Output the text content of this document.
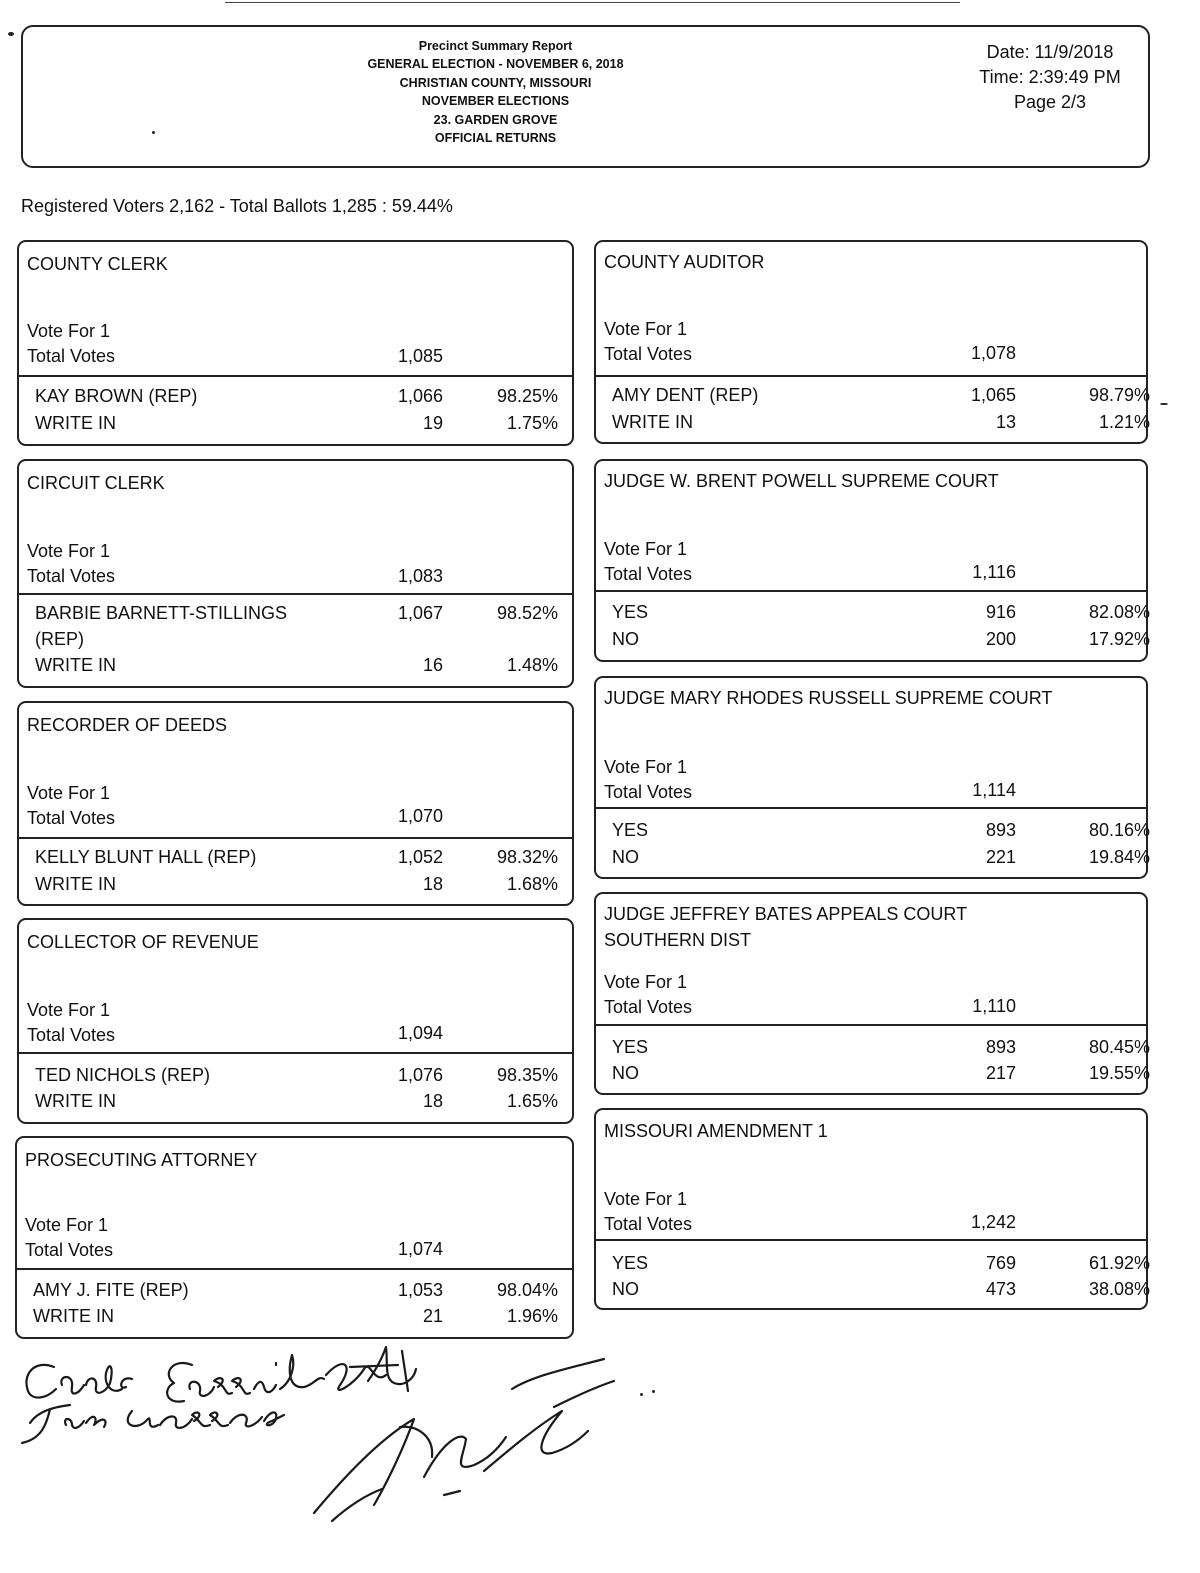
Precinct Summary Report
GENERAL ELECTION - NOVEMBER 6, 2018
CHRISTIAN COUNTY, MISSOURI
NOVEMBER ELECTIONS
23. GARDEN GROVE
OFFICIAL RETURNS
Date: 11/9/2018
Time: 2:39:49 PM
Page 2/3
Registered Voters 2,162 - Total Ballots 1,285 : 59.44%
COUNTY CLERK
Vote For 1
Total Votes	1,085
KAY BROWN (REP)	1,066	98.25%
WRITE IN	19	1.75%
CIRCUIT CLERK
Vote For 1
Total Votes	1,083
BARBIE BARNETT-STILLINGS
(REP)
1,067	98.52%
WRITE IN	16	1.48%
RECORDER OF DEEDS
Vote For 1
Total Votes	1,070
KELLY BLUNT HALL (REP)	1,052	98.32%
WRITE IN	18	1.68%
COLLECTOR OF REVENUE
Vote For 1
Total Votes	1,094
TED NICHOLS (REP)	1,076	98.35%
WRITE IN	18	1.65%
PROSECUTING ATTORNEY
Vote For 1
Total Votes	1,074
AMY J. FITE (REP)	1,053	98.04%
WRITE IN	21	1.96%
COUNTY AUDITOR
Vote For 1
Total Votes	1,078
AMY DENT (REP)	1,065	98.79%
WRITE IN	13	1.21%
JUDGE W. BRENT POWELL SUPREME COURT
Vote For 1
Total Votes	1,116
YES	916	82.08%
NO	200	17.92%
JUDGE MARY RHODES RUSSELL SUPREME COURT
Vote For 1
Total Votes	1,114
YES	893	80.16%
NO	221	19.84%
JUDGE JEFFREY BATES APPEALS COURT
SOUTHERN DIST
Vote For 1
Total Votes	1,110
YES	893	80.45%
NO	217	19.55%
MISSOURI AMENDMENT 1
Vote For 1
Total Votes	1,242
YES	769	61.92%
NO	473	38.08%
